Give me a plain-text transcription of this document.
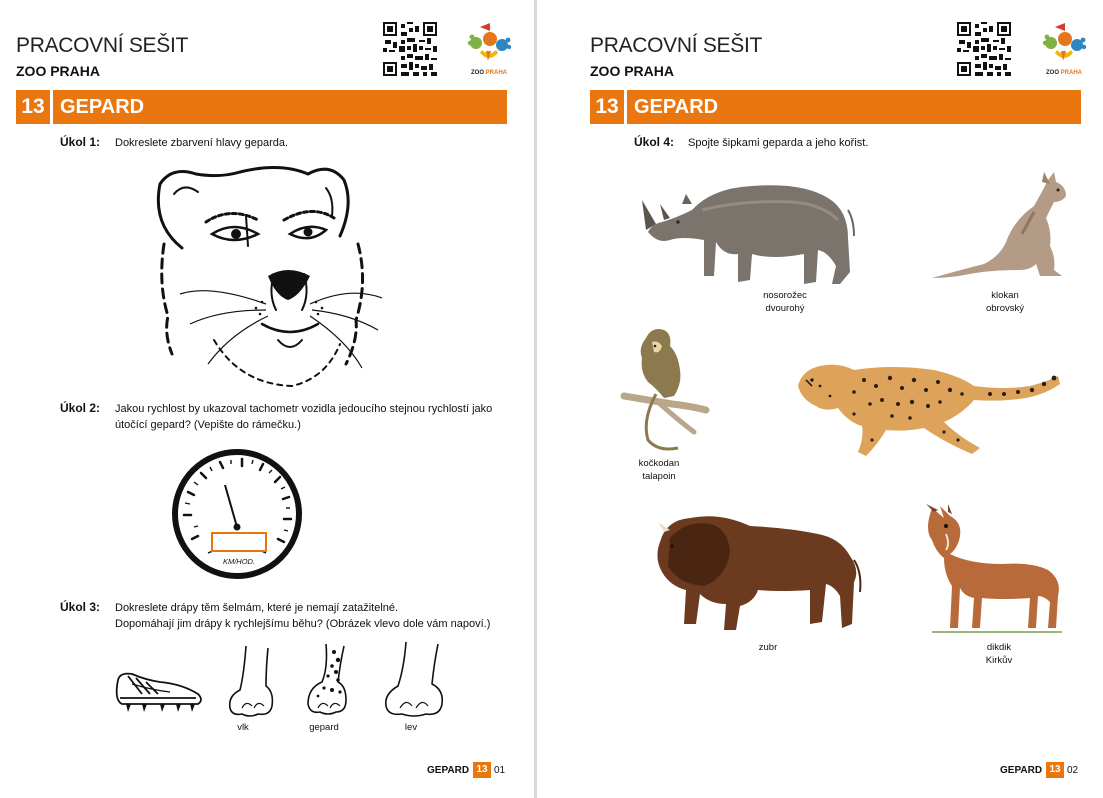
PRACOVNÍ SEŠIT
ZOO PRAHA	ZOO PRAHA
13 GEPARD
Úkol 1: Dokreslete zbarvení hlavy geparda.
Úkol 2: Jakou rychlost by ukazoval tachometr vozidla jedoucího stejnou rychlostí jako
útočící gepard? (Vepište do rámečku.)
KM/HOD.
Úkol 3: Dokreslete drápy těm šelmám, které je nemají zatažitelné.
Dopomáhají jim drápy k rychlejšímu běhu? (Obrázek vlevo dole vám napoví.)
vlk	gepard	lev
GEPARD 13 01
PRACOVNÍ SEŠIT
ZOO PRAHA	ZOO PRAHA
13 GEPARD
Úkol 4: Spojte šipkami geparda a jeho kořist.
nosorožec
dvourohý
klokan
obrovský
kočkodan
talapoin
zubr	dikdik
Kirkův
GEPARD 13 02
